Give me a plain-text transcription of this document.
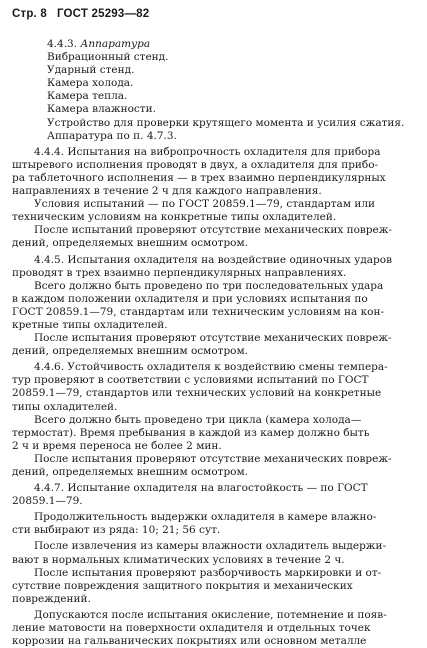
Стр. 8 ГОСТ 25293—82
4.4.3. Аппаратура
Вибрационный стенд.
Ударный стенд.
Камера холода.
Камера тепла.
Камера влажности.
Устройство для проверки крутящего момента и усилия сжатия.
Аппаратура по п. 4.7.3.
4.4.4. Испытания на вибропрочность охладителя для прибора
штыревого исполнения проводят в двух, а охладителя для прибо-
ра таблеточного исполнения — в трех взаимно перпендикулярных
направлениях в течение 2 ч для каждого направления.
Условия испытаний — по ГОСТ 20859.1—79, стандартам или
техническим условиям на конкретные типы охладителей.
После испытаний проверяют отсутствие механических повреж-
дений, определяемых внешним осмотром.
4.4.5. Испытания охладителя на воздействие одиночных ударов
проводят в трех взаимно перпендикулярных направлениях.
Всего должно быть проведено по три последовательных удара
в каждом положении охладителя и при условиях испытания по
ГОСТ 20859.1—79, стандартам или техническим условиям на кон-
кретные типы охладителей.
После испытания проверяют отсутствие механических повреж-
дений, определяемых внешним осмотром.
4.4.6. Устойчивость охладителя к воздействию смены темпера-
тур проверяют в соответствии с условиями испытаний по ГОСТ
20859.1—79, стандартов или технических условий на конкретные
типы охладителей.
Всего должно быть проведено три цикла (камера холода—
термостат). Время пребывания в каждой из камер должно быть
2 ч и время переноса не более 2 мин.
После испытания проверяют отсутствие механических повреж-
дений, определяемых внешним осмотром.
4.4.7. Испытание охладителя на влагостойкость — по ГОСТ
20859.1—79.
Продолжительность выдержки охладителя в камере влажно-
сти выбирают из ряда: 10; 21; 56 сут.
После извлечения из камеры влажности охладитель выдержи-
вают в нормальных климатических условиях в течение 2 ч.
После испытания проверяют разборчивость маркировки и от-
сутствие повреждения защитного покрытия и механических
повреждений.
Допускаются после испытания окисление, потемнение и появ-
ление матовости на поверхности охладителя и отдельных точек
коррозии на гальванических покрытиях или основном металле
